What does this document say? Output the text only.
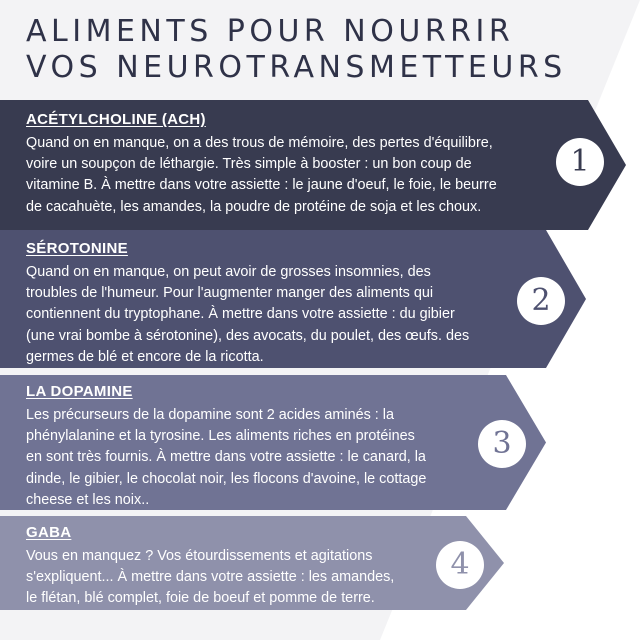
ALIMENTS POUR NOURRIR
VOS NEUROTRANSMETTEURS
ACÉTYLCHOLINE (ACH)
Quand on en manque, on a des trous de mémoire, des pertes d'équilibre,
voire un soupçon de léthargie. Très simple à booster : un bon coup de
vitamine B. À mettre dans votre assiette : le jaune d'oeuf, le foie, le beurre
de cacahuète, les amandes, la poudre de protéine de soja et les choux.
1
SÉROTONINE
Quand on en manque, on peut avoir de grosses insomnies, des
troubles de l'humeur. Pour l'augmenter manger des aliments qui
contiennent du tryptophane. À mettre dans votre assiette : du gibier
(une vrai bombe à sérotonine), des avocats, du poulet, des œufs. des
germes de blé et encore de la ricotta.
2
LA DOPAMINE
Les précurseurs de la dopamine sont 2 acides aminés : la
phénylalanine et la tyrosine. Les aliments riches en protéines
en sont très fournis. À mettre dans votre assiette : le canard, la
dinde, le gibier, le chocolat noir, les flocons d'avoine, le cottage
cheese et les noix..
3
GABA
Vous en manquez ? Vos étourdissements et agitations
s'expliquent... À mettre dans votre assiette : les amandes,
le flétan, blé complet, foie de boeuf et pomme de terre.
4
